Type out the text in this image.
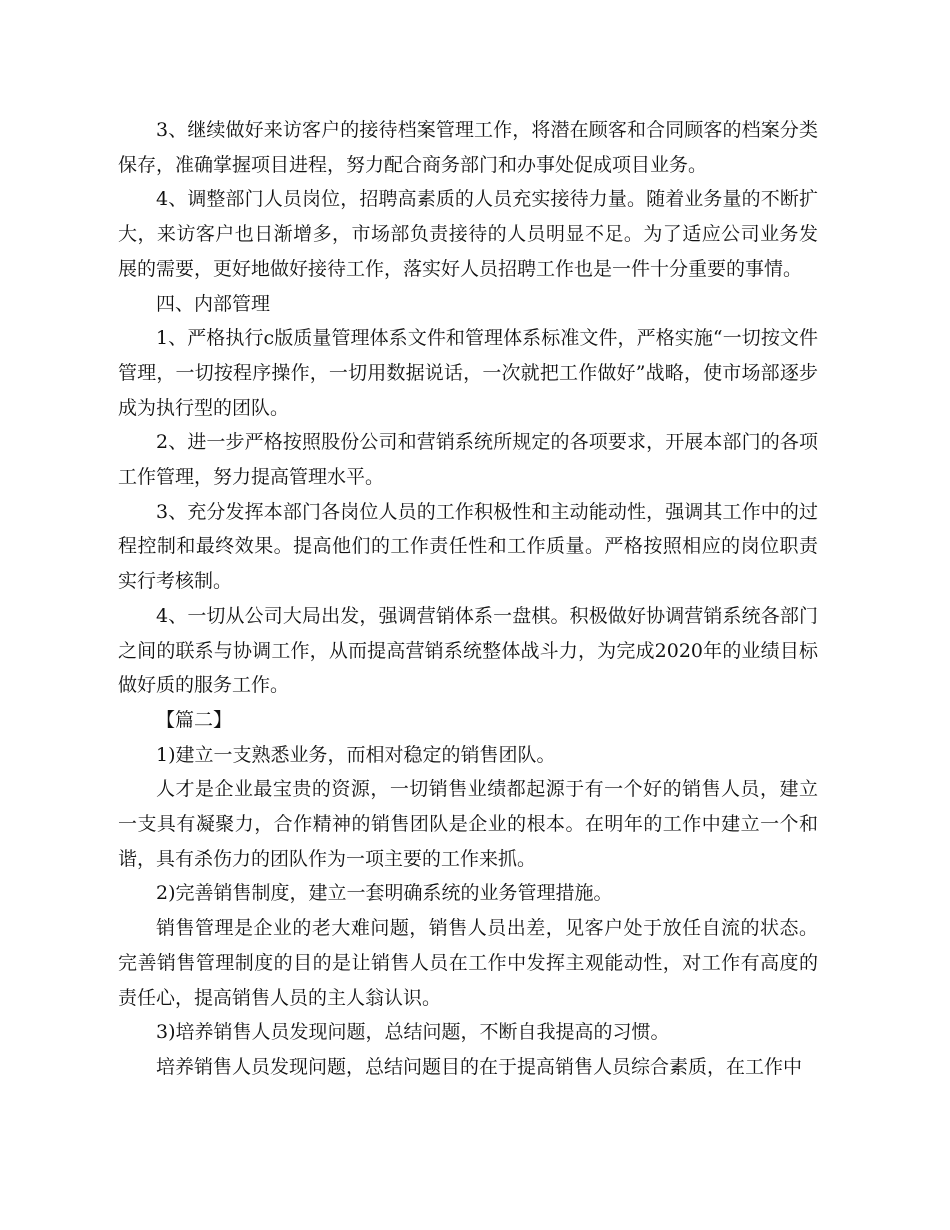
3、继续做好来访客户的接待档案管理工作，将潜在顾客和合同顾客的档案分类保存，准确掌握项目进程，努力配合商务部门和办事处促成项目业务。

4、调整部门人员岗位，招聘高素质的人员充实接待力量。随着业务量的不断扩大，来访客户也日渐增多，市场部负责接待的人员明显不足。为了适应公司业务发展的需要，更好地做好接待工作，落实好人员招聘工作也是一件十分重要的事情。

四、内部管理

1、严格执行c版质量管理体系文件和管理体系标准文件，严格实施“一切按文件管理，一切按程序操作，一切用数据说话，一次就把工作做好”战略，使市场部逐步成为执行型的团队。

2、进一步严格按照股份公司和营销系统所规定的各项要求，开展本部门的各项工作管理，努力提高管理水平。

3、充分发挥本部门各岗位人员的工作积极性和主动能动性，强调其工作中的过程控制和最终效果。提高他们的工作责任性和工作质量。严格按照相应的岗位职责实行考核制。

4、一切从公司大局出发，强调营销体系一盘棋。积极做好协调营销系统各部门之间的联系与协调工作，从而提高营销系统整体战斗力，为完成2020年的业绩目标做好质的服务工作。

【篇二】

1)建立一支熟悉业务，而相对稳定的销售团队。

人才是企业最宝贵的资源，一切销售业绩都起源于有一个好的销售人员，建立一支具有凝聚力，合作精神的销售团队是企业的根本。在明年的工作中建立一个和谐，具有杀伤力的团队作为一项主要的工作来抓。

2)完善销售制度，建立一套明确系统的业务管理措施。

销售管理是企业的老大难问题，销售人员出差，见客户处于放任自流的状态。完善销售管理制度的目的是让销售人员在工作中发挥主观能动性，对工作有高度的责任心，提高销售人员的主人翁认识。

3)培养销售人员发现问题，总结问题，不断自我提高的习惯。

培养销售人员发现问题，总结问题目的在于提高销售人员综合素质，在工作中
